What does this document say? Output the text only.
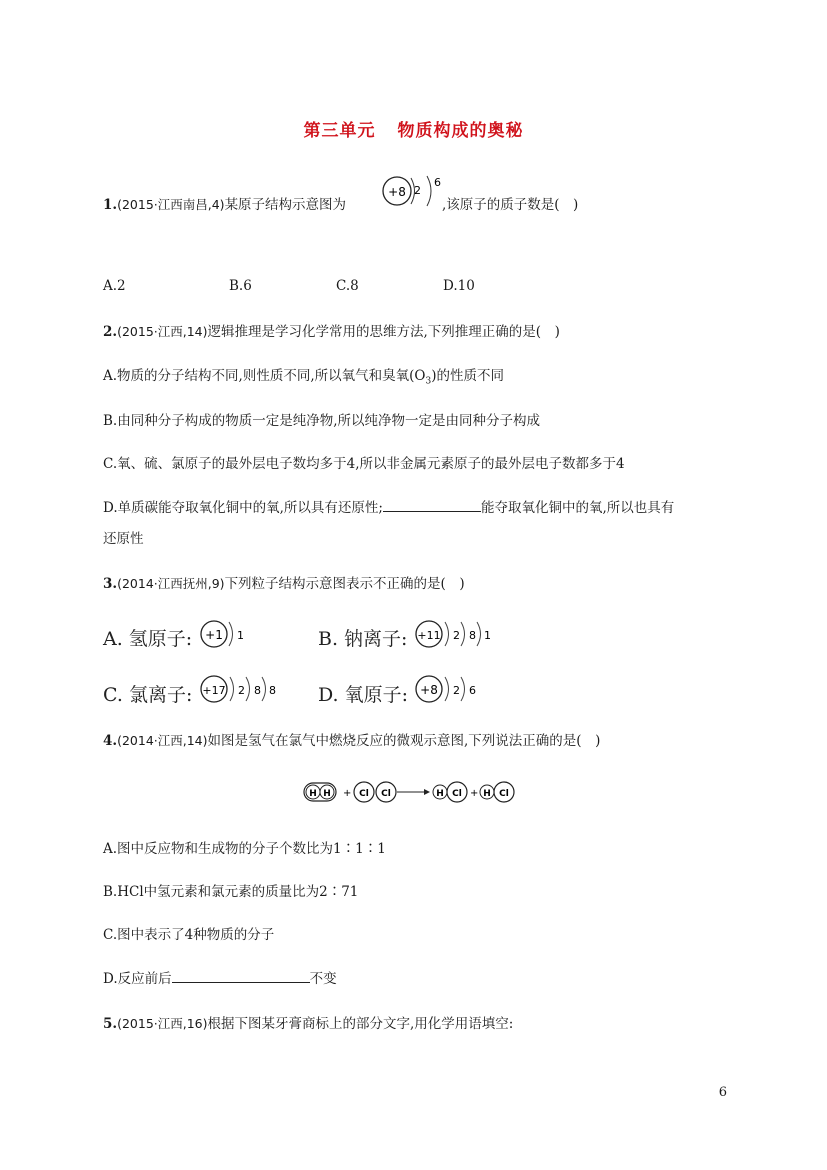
第三单元 物质构成的奥秘
1.(2015·江西南昌,4)某原子结构示意图为
+8 2
6
,该原子的质子数是(　)
A.2	B.6	C.8	D.10
2.(2015·江西,14)逻辑推理是学习化学常用的思维方法,下列推理正确的是(　)
A.物质的分子结构不同,则性质不同,所以氧气和臭氧$(O_3)$的性质不同
B.由同种分子构成的物质一定是纯净物,所以纯净物一定是由同种分子构成
C.氧、硫、氯原子的最外层电子数均多于4,所以非金属元素原子的最外层电子数都多于4
D.单质碳能夺取氧化铜中的氧,所以具有还原性;	能夺取氧化铜中的氧,所以也具有
还原性
3.(2014·江西抚州,9)下列粒子结构示意图表示不正确的是(　)
A. 氢原子: +1 1	B. 钠离子: +11 2 8 1
C. 氯离子: +17 2 8 8 D. 氧原子: +8 2 6
4.(2014·江西,14)如图是氢气在氯气中燃烧反应的微观示意图,下列说法正确的是(　)
H H + Cl Cl	H Cl + H Cl
A.图中反应物和生成物的分子个数比为1∶1∶1
B.HCl中氢元素和氯元素的质量比为2∶71
C.图中表示了4种物质的分子
D.反应前后	不变
5.(2015·江西,16)根据下图某牙膏商标上的部分文字,用化学用语填空:
6
